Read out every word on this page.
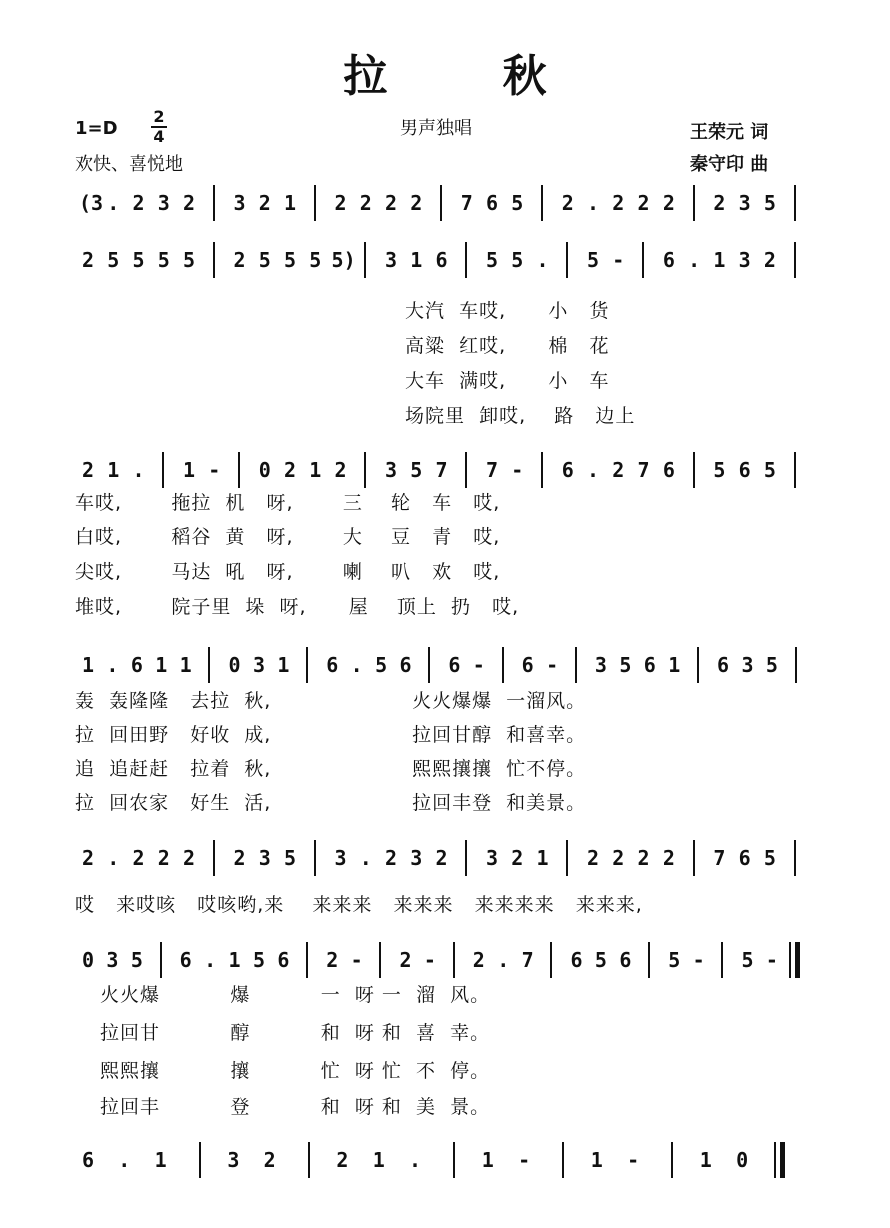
拉 秋
1=D
2
4
欢快、喜悦地
男声独唱	王荣元 词
秦守印 曲
(3 . 2 3 2 3 2 1 2 2 2 2 7 6 5 2 . 2 2 2 2 3 5
2 5 5 5 5 2 5 5 5 5) 3 1 6 5 5 . 5 - 6 . 1 3 2
大汽  车哎,      小   货
高粱  红哎,      棉   花
大车  满哎,      小   车
场院里  卸哎,    路   边上
2 1 . 1 - 0 2 1 2 3 5 7 7 - 6 . 2 7 6 5 6 5
车哎,       拖拉  机   呀,       三    轮   车   哎,
白哎,       稻谷  黄   呀,       大    豆   青   哎,
尖哎,       马达  吼   呀,       喇    叭   欢   哎,
堆哎,       院子里  垛  呀,      屋    顶上  扔   哎,
1 . 6 1 1 0 3 1 6 . 5 6 6 - 6 - 3 5 6 1 6 3 5
轰  轰隆隆   去拉  秋,                    火火爆爆  一溜风。
拉  回田野   好收  成,                    拉回甘醇  和喜幸。
追  追赶赶   拉着  秋,                    熙熙攘攘  忙不停。
拉  回农家   好生  活,                    拉回丰登  和美景。
2 . 2 2 2 2 3 5 3 . 2 3 2 3 2 1 2 2 2 2 7 6 5
哎   来哎咳   哎咳哟,来    来来来   来来来   来来来来   来来来,
0 3 5 6 . 1 5 6 2 - 2 - 2 . 7 6 5 6 5 - 5 -
火火爆          爆          一  呀 一  溜  风。
拉回甘          醇          和  呀 和  喜  幸。
熙熙攘          攘          忙  呀 忙  不  停。
拉回丰          登          和  呀 和  美  景。
6 . 1	3 2	2 1 .	1 -	1 -	1 0
